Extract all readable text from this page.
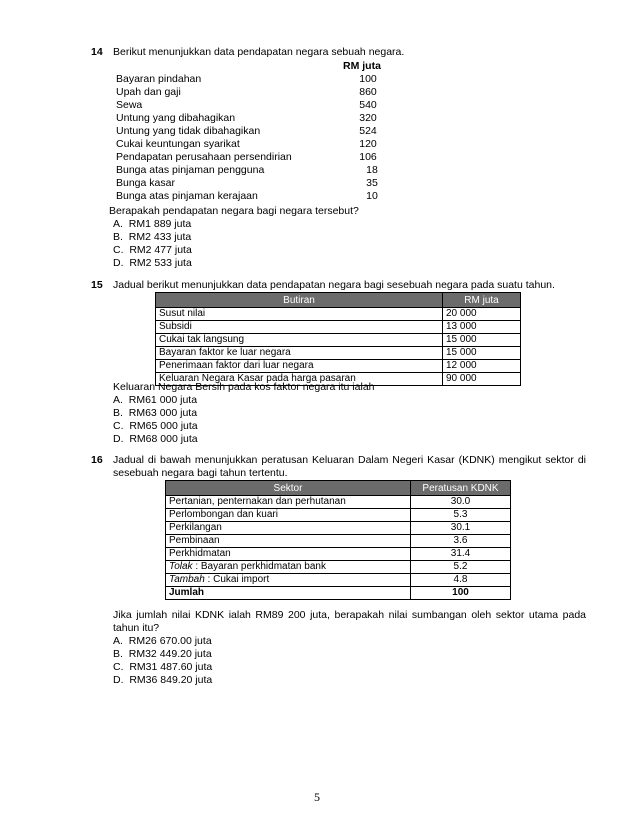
14 Berikut menunjukkan data pendapatan negara sebuah negara.
RM juta
Bayaran pindahan	100
Upah dan gaji	860
Sewa	540
Untung yang dibahagikan	320
Untung yang tidak dibahagikan	524
Cukai keuntungan syarikat	120
Pendapatan perusahaan persendirian	106
Bunga atas pinjaman pengguna	18
Bunga kasar	35
Bunga atas pinjaman kerajaan	10
Berapakah pendapatan negara bagi negara tersebut?
A. RM1 889 juta
B. RM2 433 juta
C. RM2 477 juta
D. RM2 533 juta
15 Jadual berikut menunjukkan data pendapatan negara bagi sesebuah negara pada suatu tahun.
Butiran	RM juta
Susut nilai	20 000
Subsidi	13 000
Cukai tak langsung	15 000
Bayaran faktor ke luar negara	15 000
Penerimaan faktor dari luar negara	12 000
Keluaran Negara Kasar pada harga pasaran	90 000
Keluaran Negara Bersih pada kos faktor negara itu ialah
A. RM61 000 juta
B. RM63 000 juta
C. RM65 000 juta
D. RM68 000 juta
16 Jadual di bawah menunjukkan peratusan Keluaran Dalam Negeri Kasar (KDNK) mengikut sektor di
sesebuah negara bagi tahun tertentu.
Sektor	Peratusan KDNK
Pertanian, penternakan dan perhutanan	30.0
Perlombongan dan kuari	5.3
Perkilangan	30.1
Pembinaan	3.6
Perkhidmatan	31.4
Tolak : Bayaran perkhidmatan bank	5.2
Tambah : Cukai import	4.8
Jumlah	100
Jika jumlah nilai KDNK ialah RM89 200 juta, berapakah nilai sumbangan oleh sektor utama pada
tahun itu?
A. RM26 670.00 juta
B. RM32 449.20 juta
C. RM31 487.60 juta
D. RM36 849.20 juta
5
